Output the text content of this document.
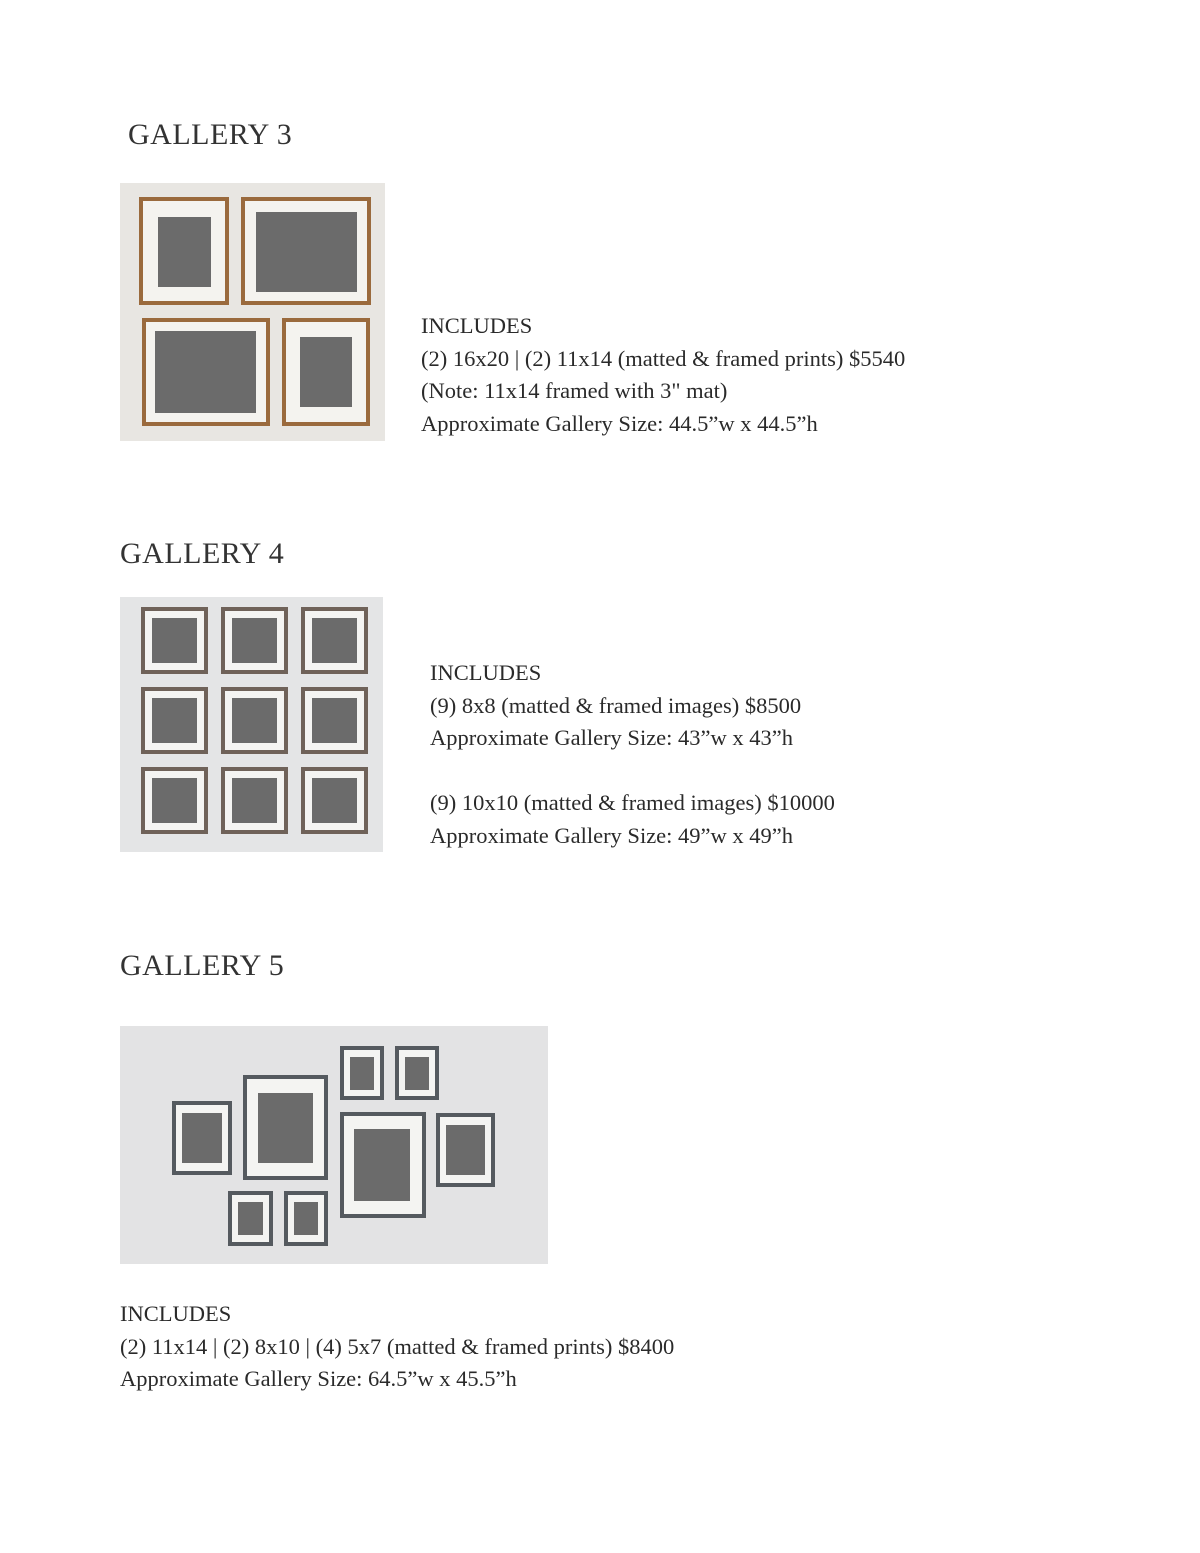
GALLERY 3
INCLUDES
(2) 16x20 | (2) 11x14 (matted & framed prints) $5540
(Note: 11x14 framed with 3" mat)
Approximate Gallery Size: 44.5”w x 44.5”h
GALLERY 4
INCLUDES
(9) 8x8 (matted & framed images) $8500
Approximate Gallery Size: 43”w x 43”h
(9) 10x10 (matted & framed images) $10000
Approximate Gallery Size: 49”w x 49”h
GALLERY 5
INCLUDES
(2) 11x14 | (2) 8x10 | (4) 5x7 (matted & framed prints) $8400
Approximate Gallery Size: 64.5”w x 45.5”h
